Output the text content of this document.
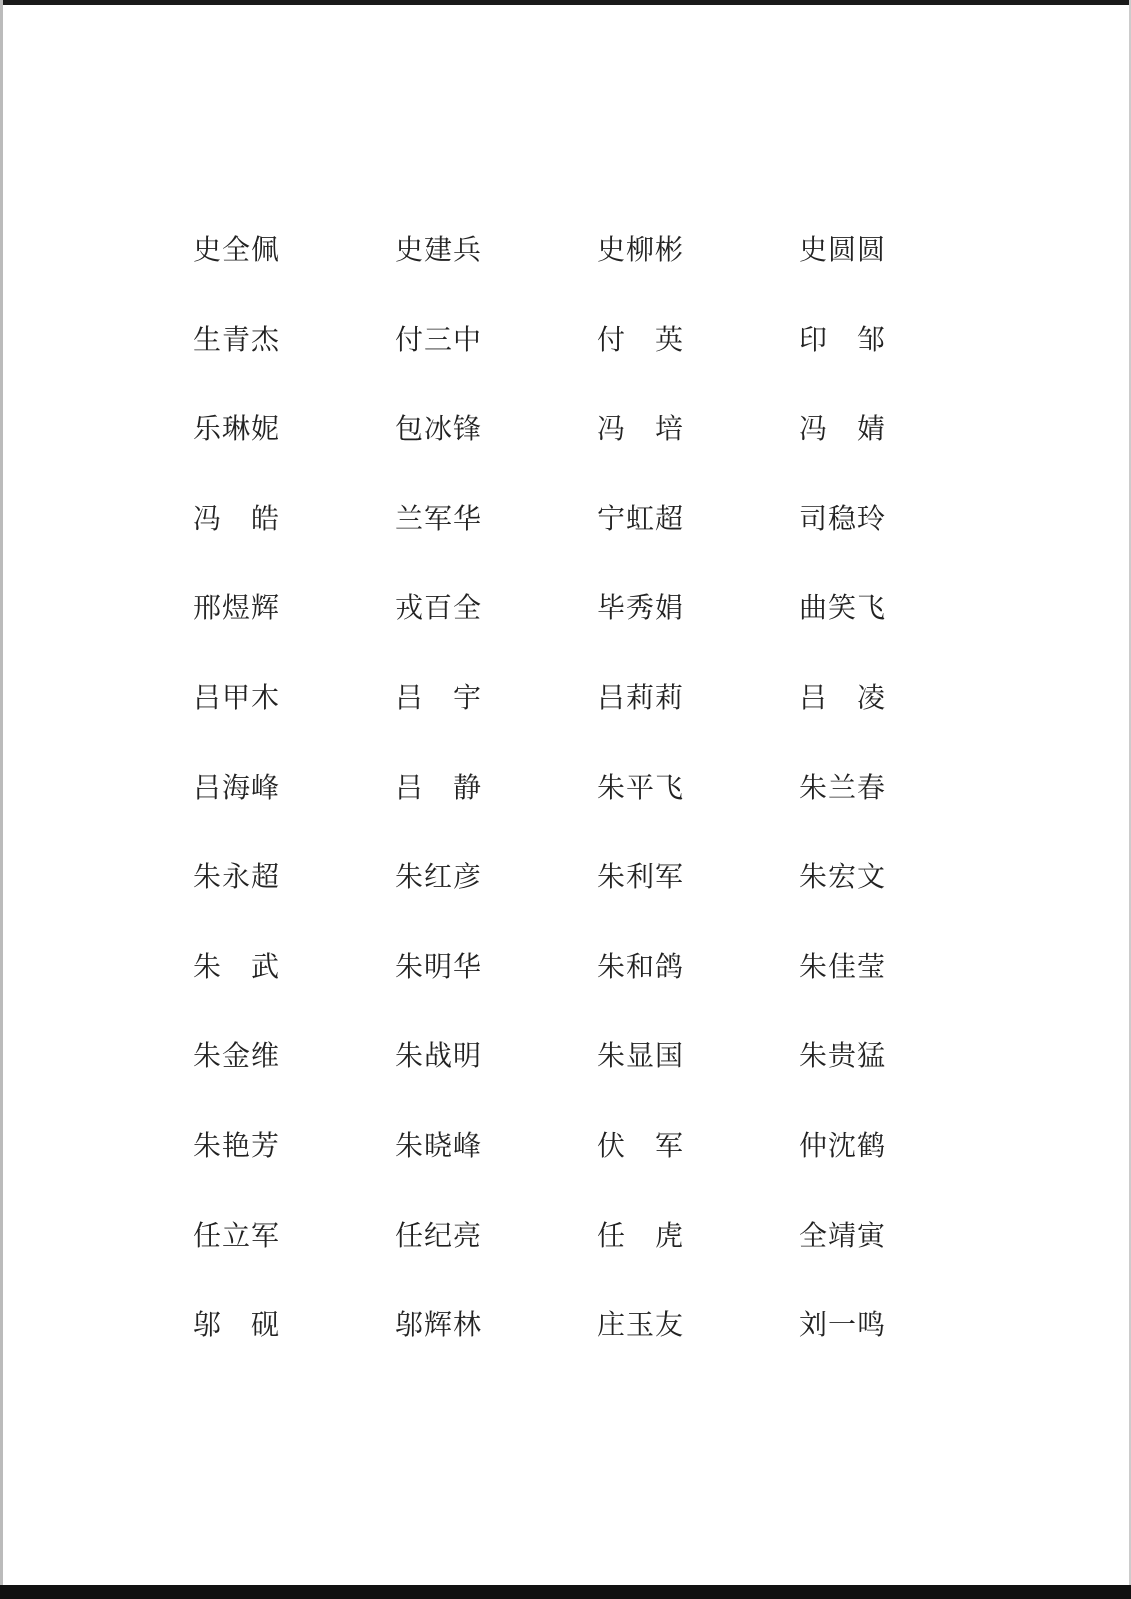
史全佩	史建兵	史柳彬	史圆圆
生青杰	付三中	付　英	印　邹
乐琳妮	包冰锋	冯　培	冯　婧
冯　皓	兰军华	宁虹超	司稳玲
邢煜辉	戎百全	毕秀娟	曲笑飞
吕甲木	吕　宇	吕莉莉	吕　凌
吕海峰	吕　静	朱平飞	朱兰春
朱永超	朱红彦	朱利军	朱宏文
朱　武	朱明华	朱和鸽	朱佳莹
朱金维	朱战明	朱显国	朱贵猛
朱艳芳	朱晓峰	伏　军	仲沈鹤
任立军	任纪亮	任　虎	全靖寅
邬　砚	邬辉林	庄玉友	刘一鸣
